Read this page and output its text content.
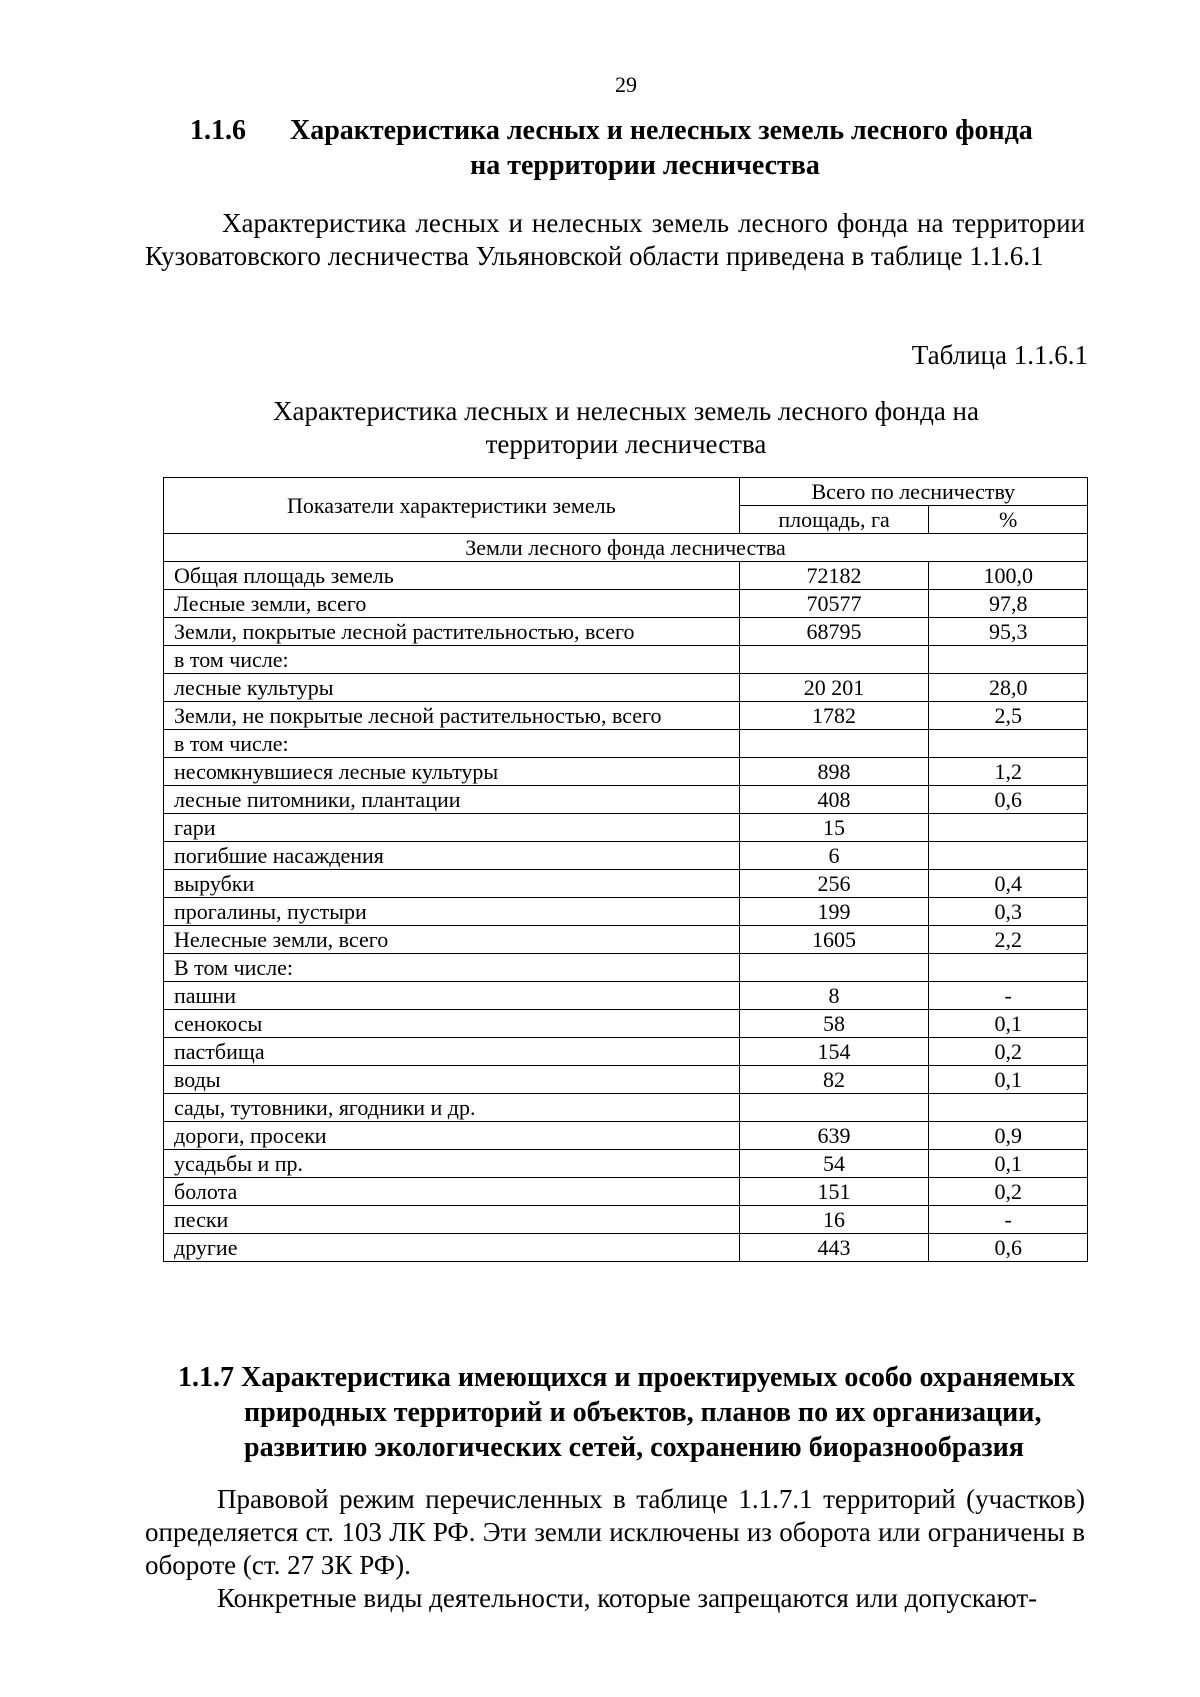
29
1.1.6 Характеристика лесных и нелесных земель лесного фонда
на территории лесничества
Характеристика лесных и нелесных земель лесного фонда на территории Кузоватовского лесничества Ульяновской области приведена в таблице 1.1.6.1
Таблица 1.1.6.1
Характеристика лесных и нелесных земель лесного фонда на территории лесничества
Показатели характеристики земель	Всего по лесничеству	
	площадь, га	%
Земли лесного фонда лесничества		
Общая площадь земель	72182	100,0
Лесные земли, всего	70577	97,8
Земли, покрытые лесной растительностью, всего	68795	95,3
в том числе:		
лесные культуры	20 201	28,0
Земли, не покрытые лесной растительностью, всего	1782	2,5
в том числе:		
несомкнувшиеся лесные культуры	898	1,2
лесные питомники, плантации	408	0,6
гари	15	
погибшие насаждения	6	
вырубки	256	0,4
прогалины, пустыри	199	0,3
Нелесные земли, всего	1605	2,2
В том числе:		
пашни	8	-
сенокосы	58	0,1
пастбища	154	0,2
воды	82	0,1
сады, тутовники, ягодники и др.		
дороги, просеки	639	0,9
усадьбы и пр.	54	0,1
болота	151	0,2
пески	16	-
другие	443	0,6
1.1.7 Характеристика имеющихся и проектируемых особо охраняемых
природных территорий и объектов, планов по их организации,
развитию экологических сетей, сохранению биоразнообразия
Правовой режим перечисленных в таблице 1.1.7.1 территорий (участков) определяется ст. 103 ЛК РФ. Эти земли исключены из оборота или ограничены в обороте (ст. 27 ЗК РФ).
Конкретные виды деятельности, которые запрещаются или допускают-
